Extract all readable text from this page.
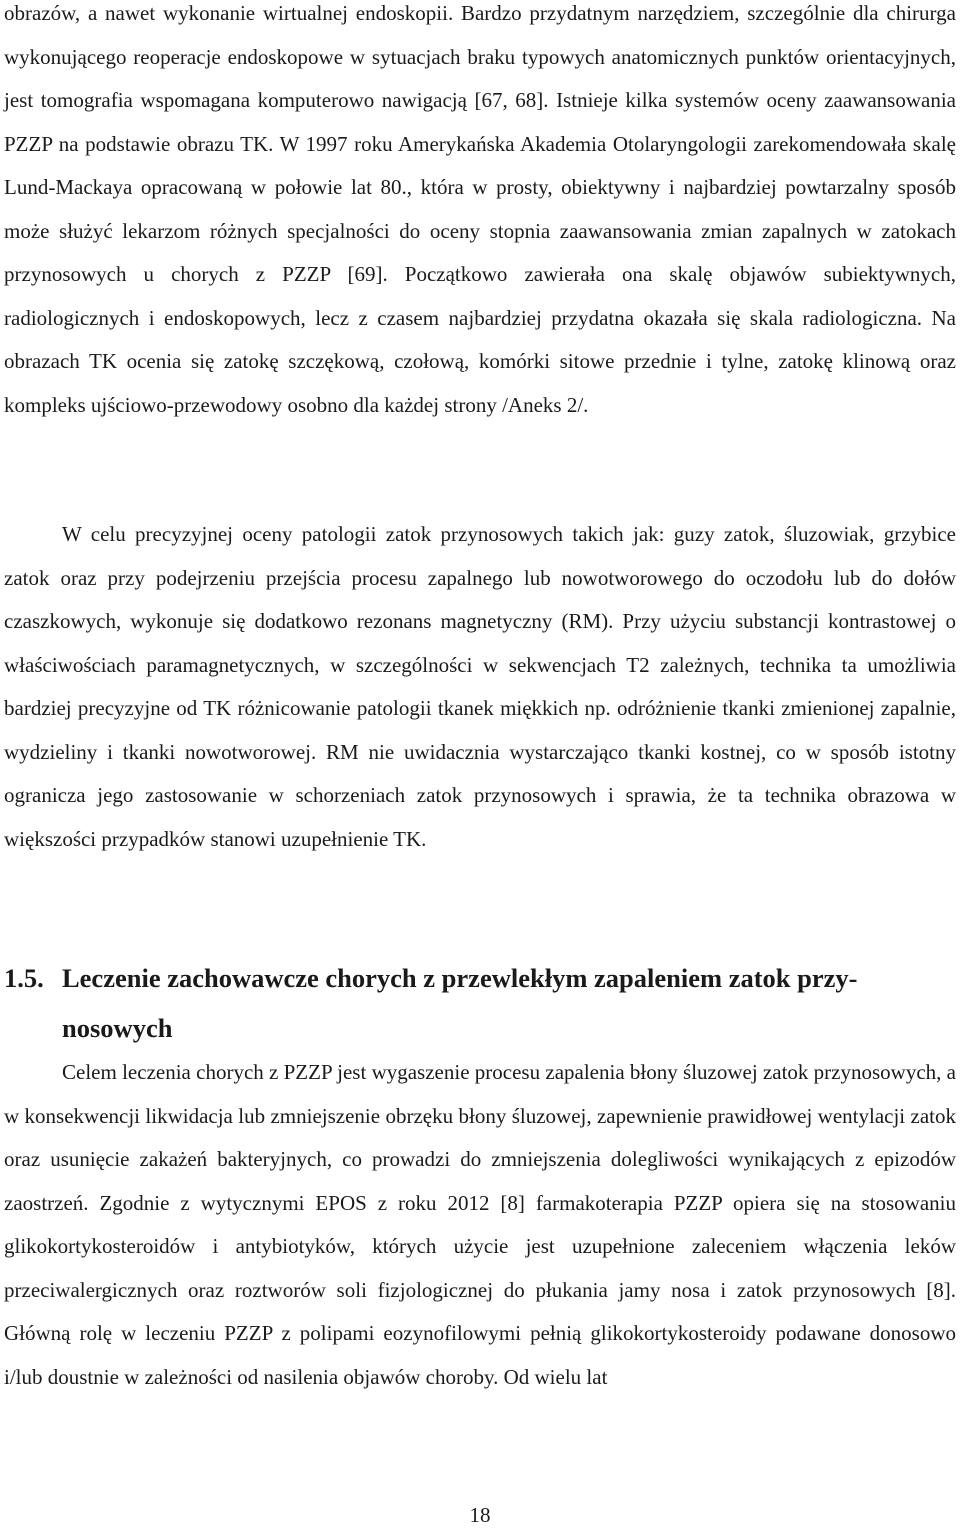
obrazów, a nawet wykonanie wirtualnej endoskopii. Bardzo przydatnym narzędziem, szczególnie dla chirurga wykonującego reoperacje endoskopowe w sytuacjach braku typowych anatomicznych punktów orientacyjnych, jest tomografia wspomagana komputerowo nawigacją [67, 68]. Istnieje kilka systemów oceny zaawansowania PZZP na podstawie obrazu TK. W 1997 roku Amerykańska Akademia Otolaryngologii zarekomendowała skalę Lund-Mackaya opracowaną w połowie lat 80., która w prosty, obiektywny i najbardziej powtarzalny sposób może służyć lekarzom różnych specjalności do oceny stopnia zaawansowania zmian zapalnych w zatokach przynosowych u chorych z PZZP [69]. Początkowo zawierała ona skalę objawów subiektywnych, radiologicznych i endoskopowych, lecz z czasem najbardziej przydatna okazała się skala radiologiczna. Na obrazach TK ocenia się zatokę szczękową, czołową, komórki sitowe przednie i tylne, zatokę klinową oraz kompleks ujściowo-przewodowy osobno dla każdej strony /Aneks 2/.

W celu precyzyjnej oceny patologii zatok przynosowych takich jak: guzy zatok, śluzowiak, grzybice zatok oraz przy podejrzeniu przejścia procesu zapalnego lub nowotworowego do oczodołu lub do dołów czaszkowych, wykonuje się dodatkowo rezonans magnetyczny (RM). Przy użyciu substancji kontrastowej o właściwościach paramagnetycznych, w szczególności w sekwencjach T2 zależnych, technika ta umożliwia bardziej precyzyjne od TK różnicowanie patologii tkanek miękkich np. odróżnienie tkanki zmienionej zapalnie, wydzieliny i tkanki nowotworowej. RM nie uwidacznia wystarczająco tkanki kostnej, co w sposób istotny ogranicza jego zastosowanie w schorzeniach zatok przynosowych i sprawia, że ta technika obrazowa w większości przypadków stanowi uzupełnienie TK.

1.5. Leczenie zachowawcze chorych z przewlekłym zapaleniem zatok przy-
nosowych

Celem leczenia chorych z PZZP jest wygaszenie procesu zapalenia błony śluzowej zatok przynosowych, a w konsekwencji likwidacja lub zmniejszenie obrzęku błony śluzowej, zapewnienie prawidłowej wentylacji zatok oraz usunięcie zakażeń bakteryjnych, co prowadzi do zmniejszenia dolegliwości wynikających z epizodów zaostrzeń. Zgodnie z wytycznymi EPOS z roku 2012 [8] farmakoterapia PZZP opiera się na stosowaniu glikokortykosteroidów i antybiotyków, których użycie jest uzupełnione zaleceniem włączenia leków przeciwalergicznych oraz roztworów soli fizjologicznej do płukania jamy nosa i zatok przynosowych [8]. Główną rolę w leczeniu PZZP z polipami eozynofilowymi pełnią glikokortykosteroidy podawane donosowo i/lub doustnie w zależności od nasilenia objawów choroby. Od wielu lat

18
